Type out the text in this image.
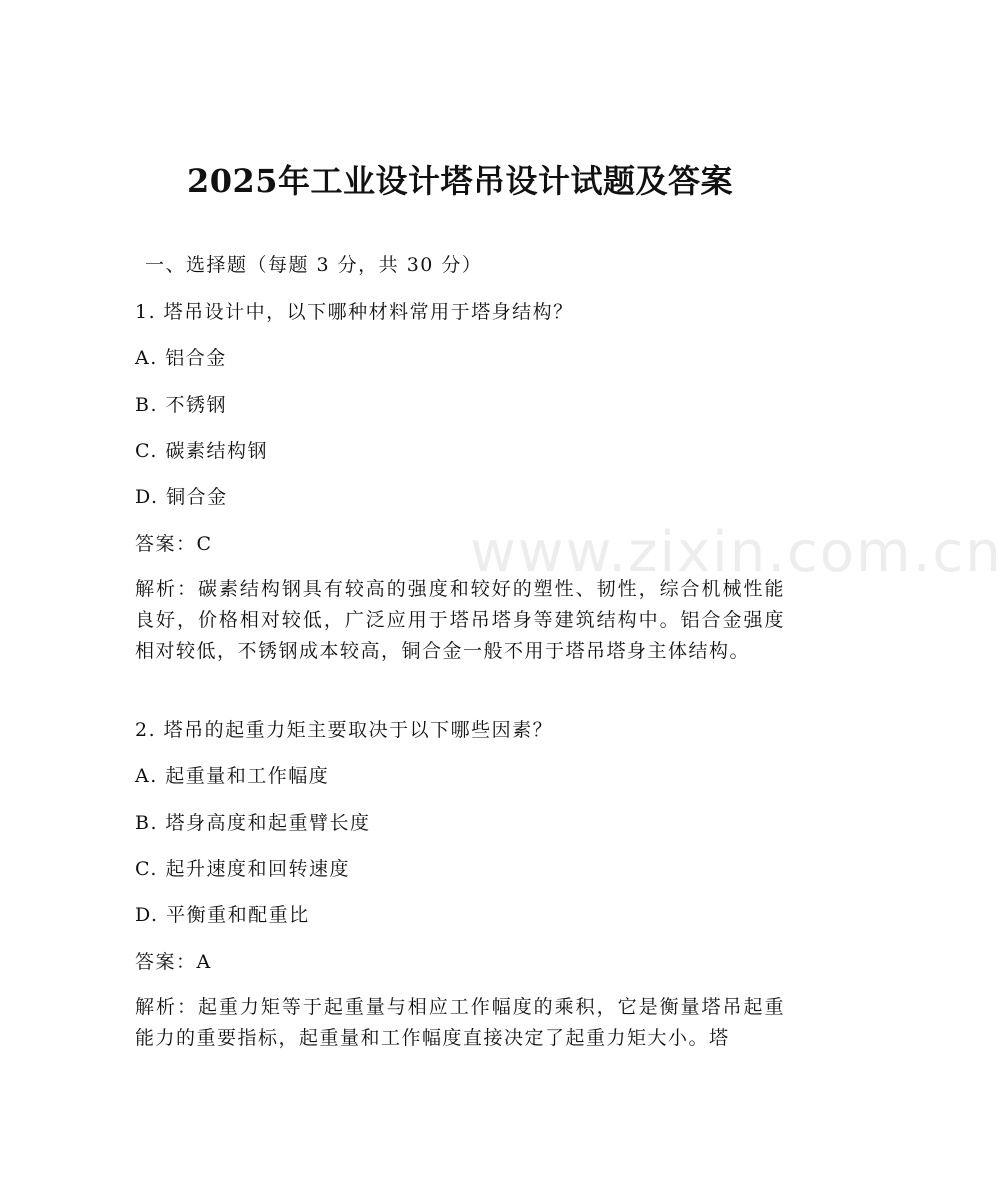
www.zixin.com.cn
2025年工业设计塔吊设计试题及答案
一、选择题（每题 3 分，共 30 分）
1. 塔吊设计中，以下哪种材料常用于塔身结构？
A. 铝合金
B. 不锈钢
C. 碳素结构钢
D. 铜合金
答案：C
解析：碳素结构钢具有较高的强度和较好的塑性、韧性，综合机械性能良好，价格相对较低，广泛应用于塔吊塔身等建筑结构中。铝合金强度相对较低，不锈钢成本较高，铜合金一般不用于塔吊塔身主体结构。
2. 塔吊的起重力矩主要取决于以下哪些因素？
A. 起重量和工作幅度
B. 塔身高度和起重臂长度
C. 起升速度和回转速度
D. 平衡重和配重比
答案：A
解析：起重力矩等于起重量与相应工作幅度的乘积，它是衡量塔吊起重能力的重要指标，起重量和工作幅度直接决定了起重力矩大小。塔
